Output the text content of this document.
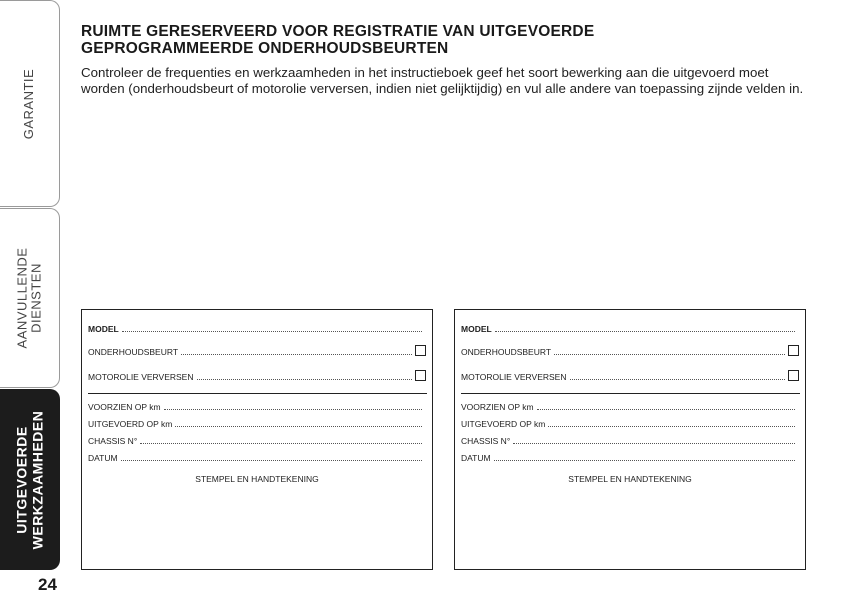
GARANTIE
AANVULLENDE DIENSTEN
UITGEVOERDE WERKZAAMHEDEN
24
RUIMTE GERESERVEERD VOOR REGISTRATIE VAN UITGEVOERDE
GEPROGRAMMEERDE ONDERHOUDSBEURTEN
Controleer de frequenties en werkzaamheden in het instructieboek geef het soort bewerking aan die uitgevoerd moet
worden (onderhoudsbeurt of motorolie verversen, indien niet gelijktijdig) en vul alle andere van toepassing zijnde velden in.
MODEL
ONDERHOUDSBEURT
MOTOROLIE VERVERSEN
VOORZIEN OP km
UITGEVOERD OP km
CHASSIS N°
DATUM
STEMPEL EN HANDTEKENING
MODEL
ONDERHOUDSBEURT
MOTOROLIE VERVERSEN
VOORZIEN OP km
UITGEVOERD OP km
CHASSIS N°
DATUM
STEMPEL EN HANDTEKENING
